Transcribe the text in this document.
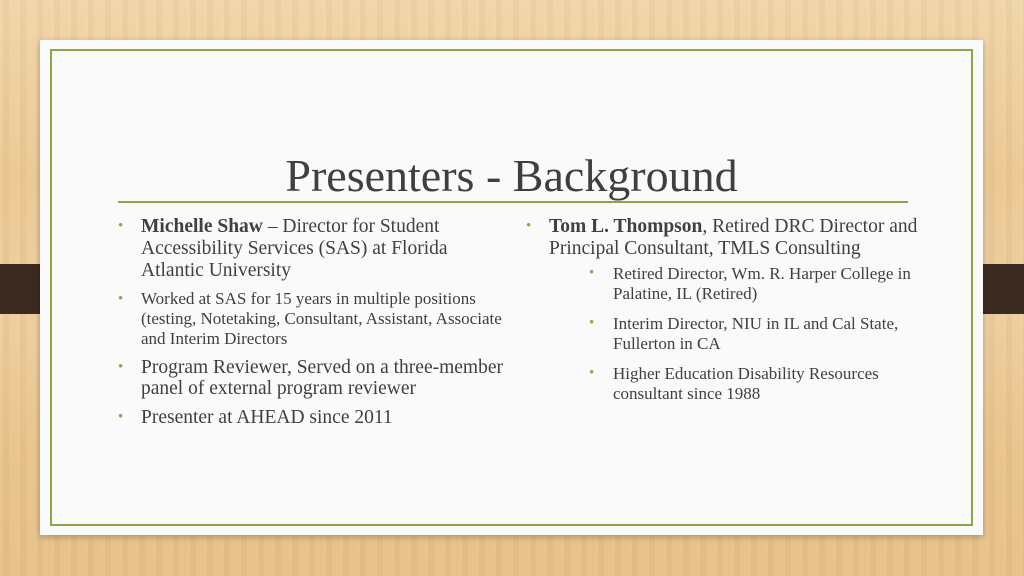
Presenters - Background
• Michelle Shaw – Director for Student Accessibility Services (SAS) at Florida Atlantic University
• Worked at SAS for 15 years in multiple positions (testing, Notetaking, Consultant, Assistant, Associate and Interim Directors
• Program Reviewer, Served on a three-member panel of external program reviewer
• Presenter at AHEAD since 2011
• Tom L. Thompson, Retired DRC Director and Principal Consultant, TMLS Consulting
• Retired Director, Wm. R. Harper College in Palatine, IL (Retired)
• Interim Director, NIU in IL and Cal State, Fullerton in CA
• Higher Education Disability Resources consultant since 1988
